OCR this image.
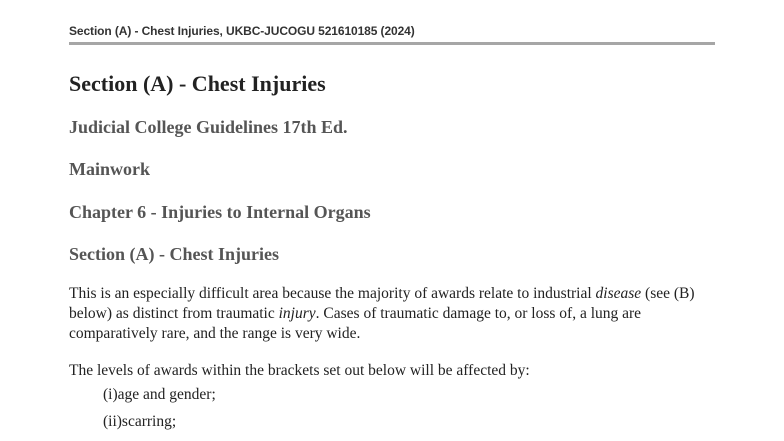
Section (A) - Chest Injuries, UKBC-JUCOGU 521610185 (2024)
Section (A) - Chest Injuries
Judicial College Guidelines 17th Ed.
Mainwork
Chapter 6 - Injuries to Internal Organs
Section (A) - Chest Injuries

This is an especially difficult area because the majority of awards relate to industrial disease (see (B) below) as distinct from traumatic injury. Cases of traumatic damage to, or loss of, a lung are comparatively rare, and the range is very wide.

The levels of awards within the brackets set out below will be affected by:

(i)age and gender;
(ii)scarring;
